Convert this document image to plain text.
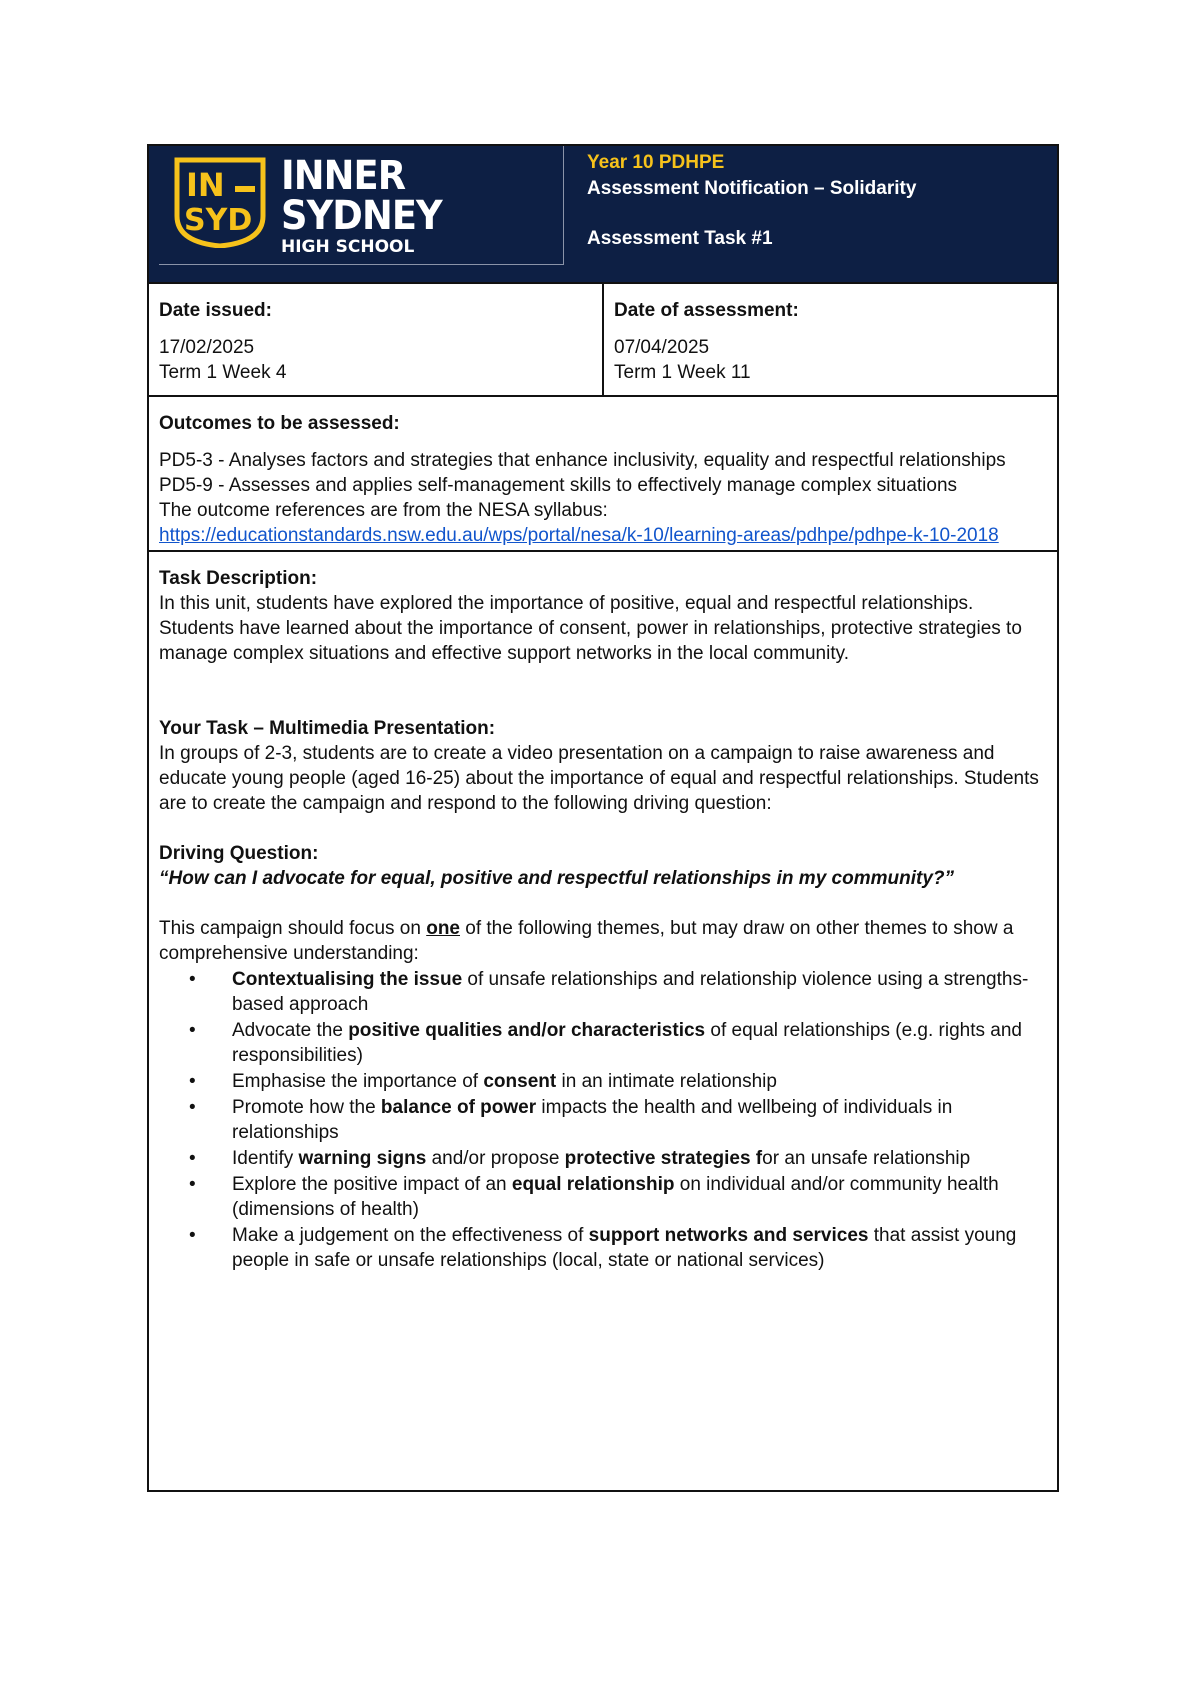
IN
SYD
INNER
SYDNEY
HIGH SCHOOL
Year 10 PDHPE
Assessment Notification – Solidarity
Assessment Task #1
Date issued:
17/02/2025
Term 1 Week 4
Date of assessment:
07/04/2025
Term 1 Week 11
Outcomes to be assessed:

PD5-3 - Analyses factors and strategies that enhance inclusivity, equality and respectful relationships

PD5-9 - Assesses and applies self-management skills to effectively manage complex situations

The outcome references are from the NESA syllabus:

https://educationstandards.nsw.edu.au/wps/portal/nesa/k-10/learning-areas/pdhpe/pdhpe-k-10-2018

Task Description:

In this unit, students have explored the importance of positive, equal and respectful relationships. Students have learned about the importance of consent, power in relationships, protective strategies to manage complex situations and effective support networks in the local community.

Your Task – Multimedia Presentation:

In groups of 2-3, students are to create a video presentation on a campaign to raise awareness and educate young people (aged 16-25) about the importance of equal and respectful relationships. Students are to create the campaign and respond to the following driving question:

Driving Question:

“How can I advocate for equal, positive and respectful relationships in my community?”

This campaign should focus on one of the following themes, but may draw on other themes to show a comprehensive understanding:

• Contextualising the issue of unsafe relationships and relationship violence using a strengths-based approach
• Advocate the positive qualities and/or characteristics of equal relationships (e.g. rights and responsibilities)
• Emphasise the importance of consent in an intimate relationship
• Promote how the balance of power impacts the health and wellbeing of individuals in relationships
• Identify warning signs and/or propose protective strategies for an unsafe relationship
• Explore the positive impact of an equal relationship on individual and/or community health (dimensions of health)
• Make a judgement on the effectiveness of support networks and services that assist young people in safe or unsafe relationships (local, state or national services)
